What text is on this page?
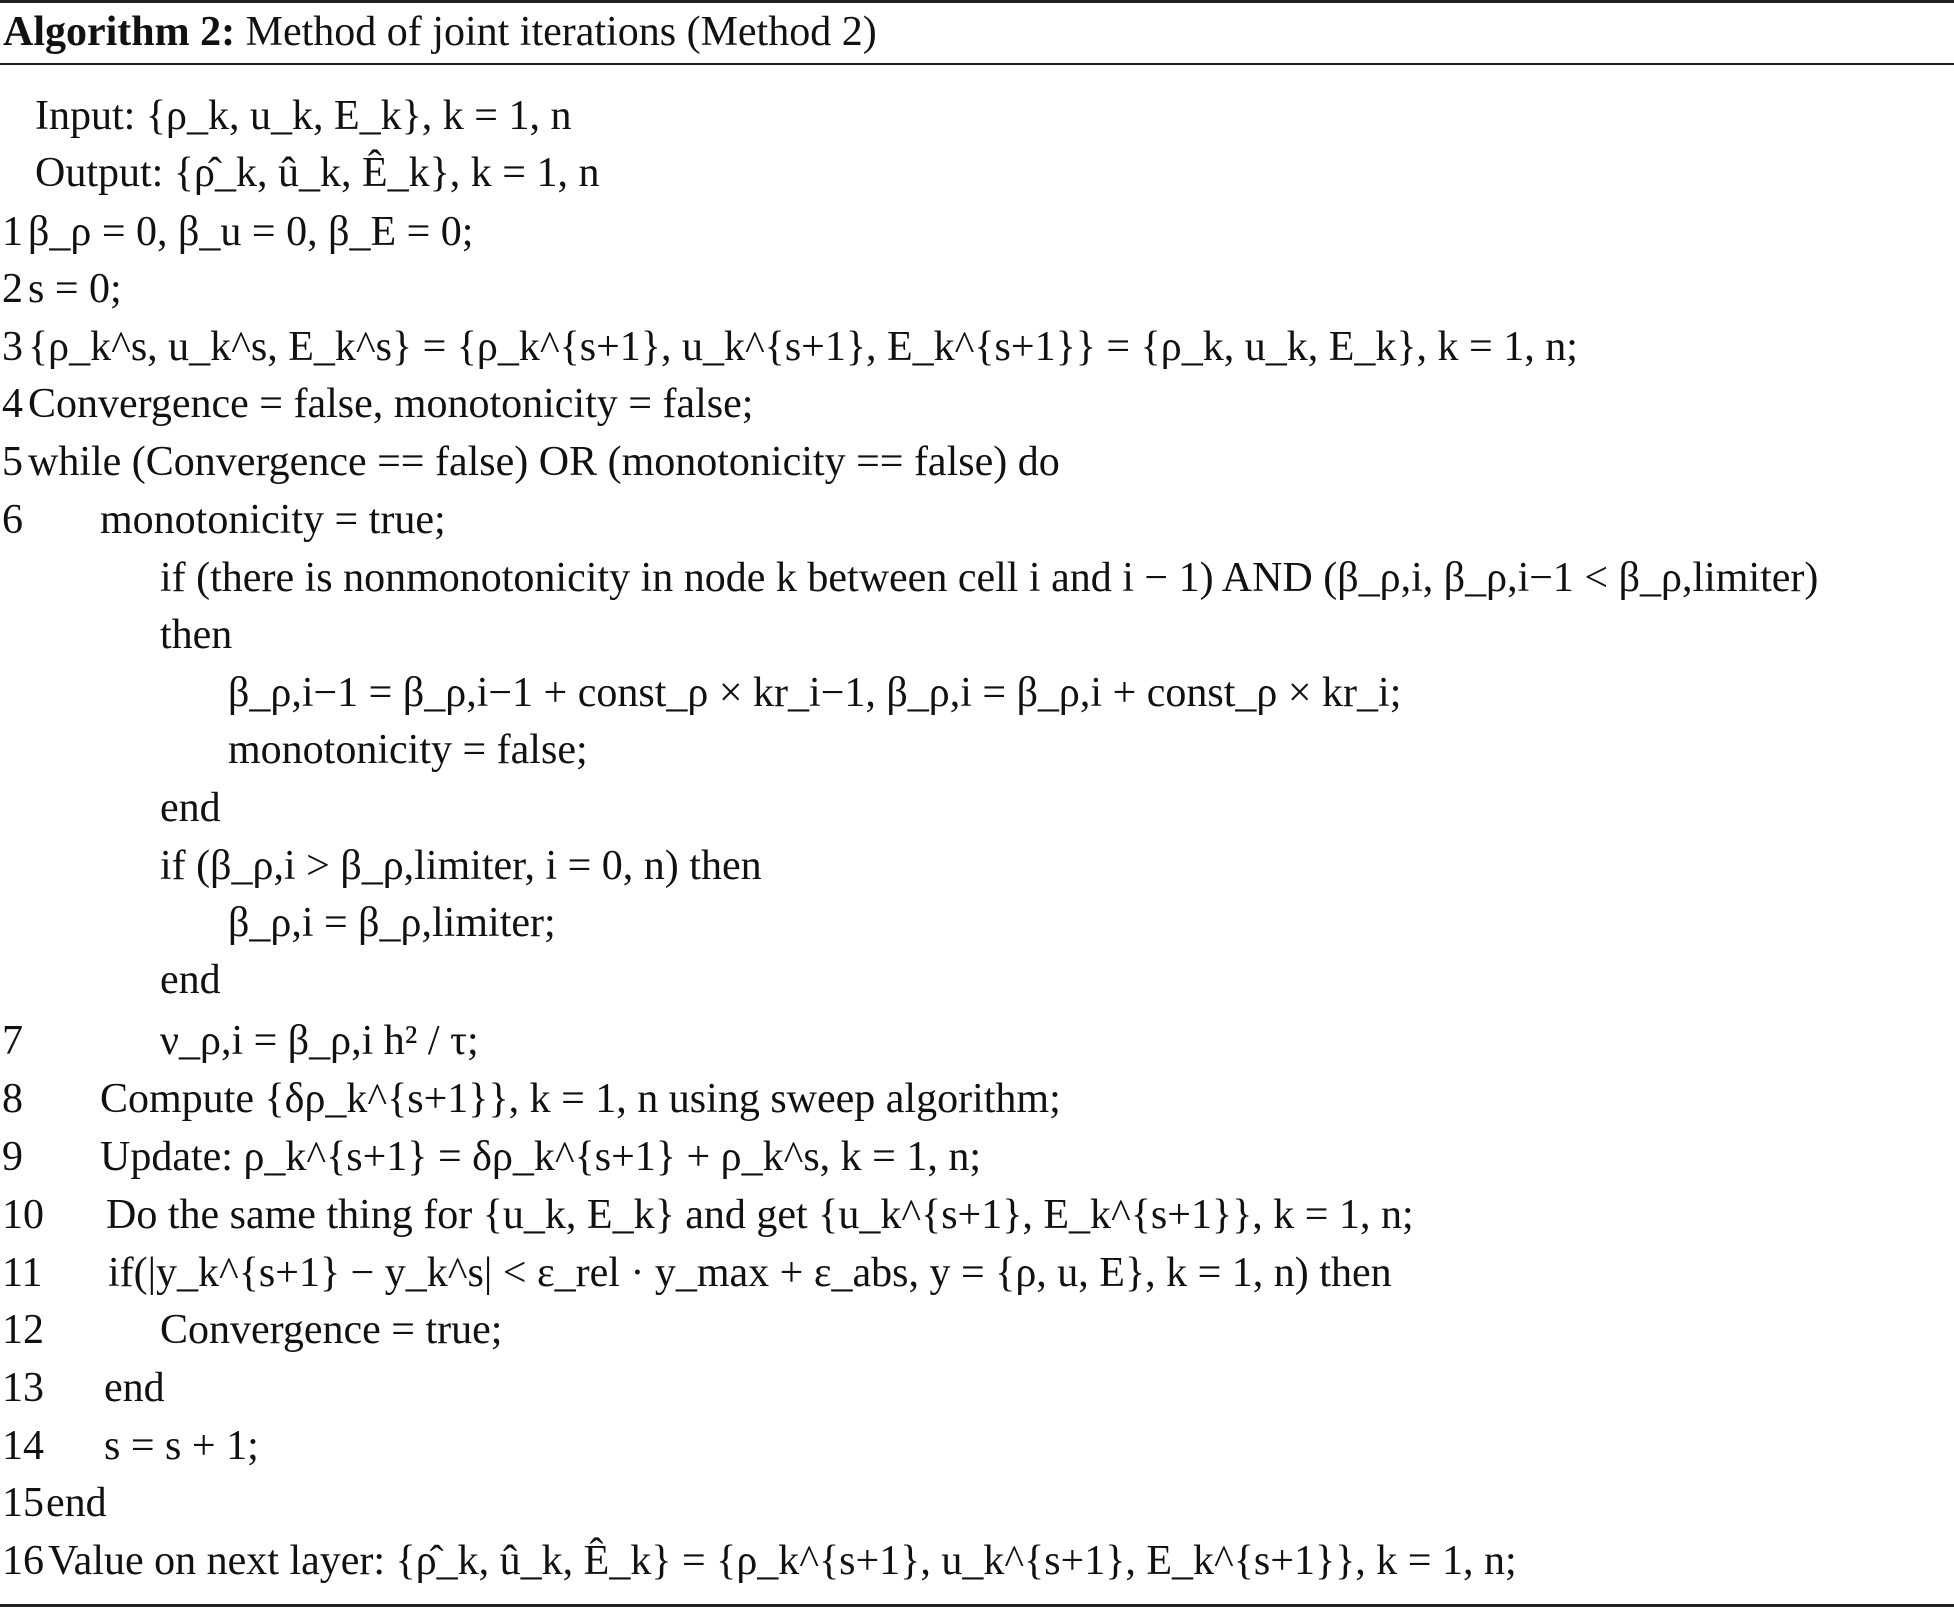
Algorithm 2: Method of joint iterations (Method 2)
Input: {ρ_k, u_k, E_k}, k = 1, n
Output: {ρ̂_k, û_k, Ê_k}, k = 1, n
1 β_ρ = 0, β_u = 0, β_E = 0;
2 s = 0;
3 {ρ_k^s, u_k^s, E_k^s} = {ρ_k^{s+1}, u_k^{s+1}, E_k^{s+1}} = {ρ_k, u_k, E_k}, k = 1, n;
4 Convergence = false, monotonicity = false;
5 while (Convergence == false) OR (monotonicity == false) do
6 monotonicity = true;
if (there is nonmonotonicity in node k between cell i and i − 1) AND (β_ρ,i, β_ρ,i−1 < β_ρ,limiter)
then
β_ρ,i−1 = β_ρ,i−1 + const_ρ × kr_i−1, β_ρ,i = β_ρ,i + const_ρ × kr_i;
monotonicity = false;
end
if (β_ρ,i > β_ρ,limiter, i = 0, n) then
β_ρ,i = β_ρ,limiter;
end
7	ν_ρ,i = β_ρ,i h² / τ;
8 Compute {δρ_k^{s+1}}, k = 1, n using sweep algorithm;
9 Update: ρ_k^{s+1} = δρ_k^{s+1} + ρ_k^s, k = 1, n;
10 Do the same thing for {u_k, E_k} and get {u_k^{s+1}, E_k^{s+1}}, k = 1, n;
11 if(|y_k^{s+1} − y_k^s| < ε_rel · y_max + ε_abs, y = {ρ, u, E}, k = 1, n) then
12	Convergence = true;
13 end
14 s = s + 1;
15 end
16 Value on next layer: {ρ̂_k, û_k, Ê_k} = {ρ_k^{s+1}, u_k^{s+1}, E_k^{s+1}}, k = 1, n;
